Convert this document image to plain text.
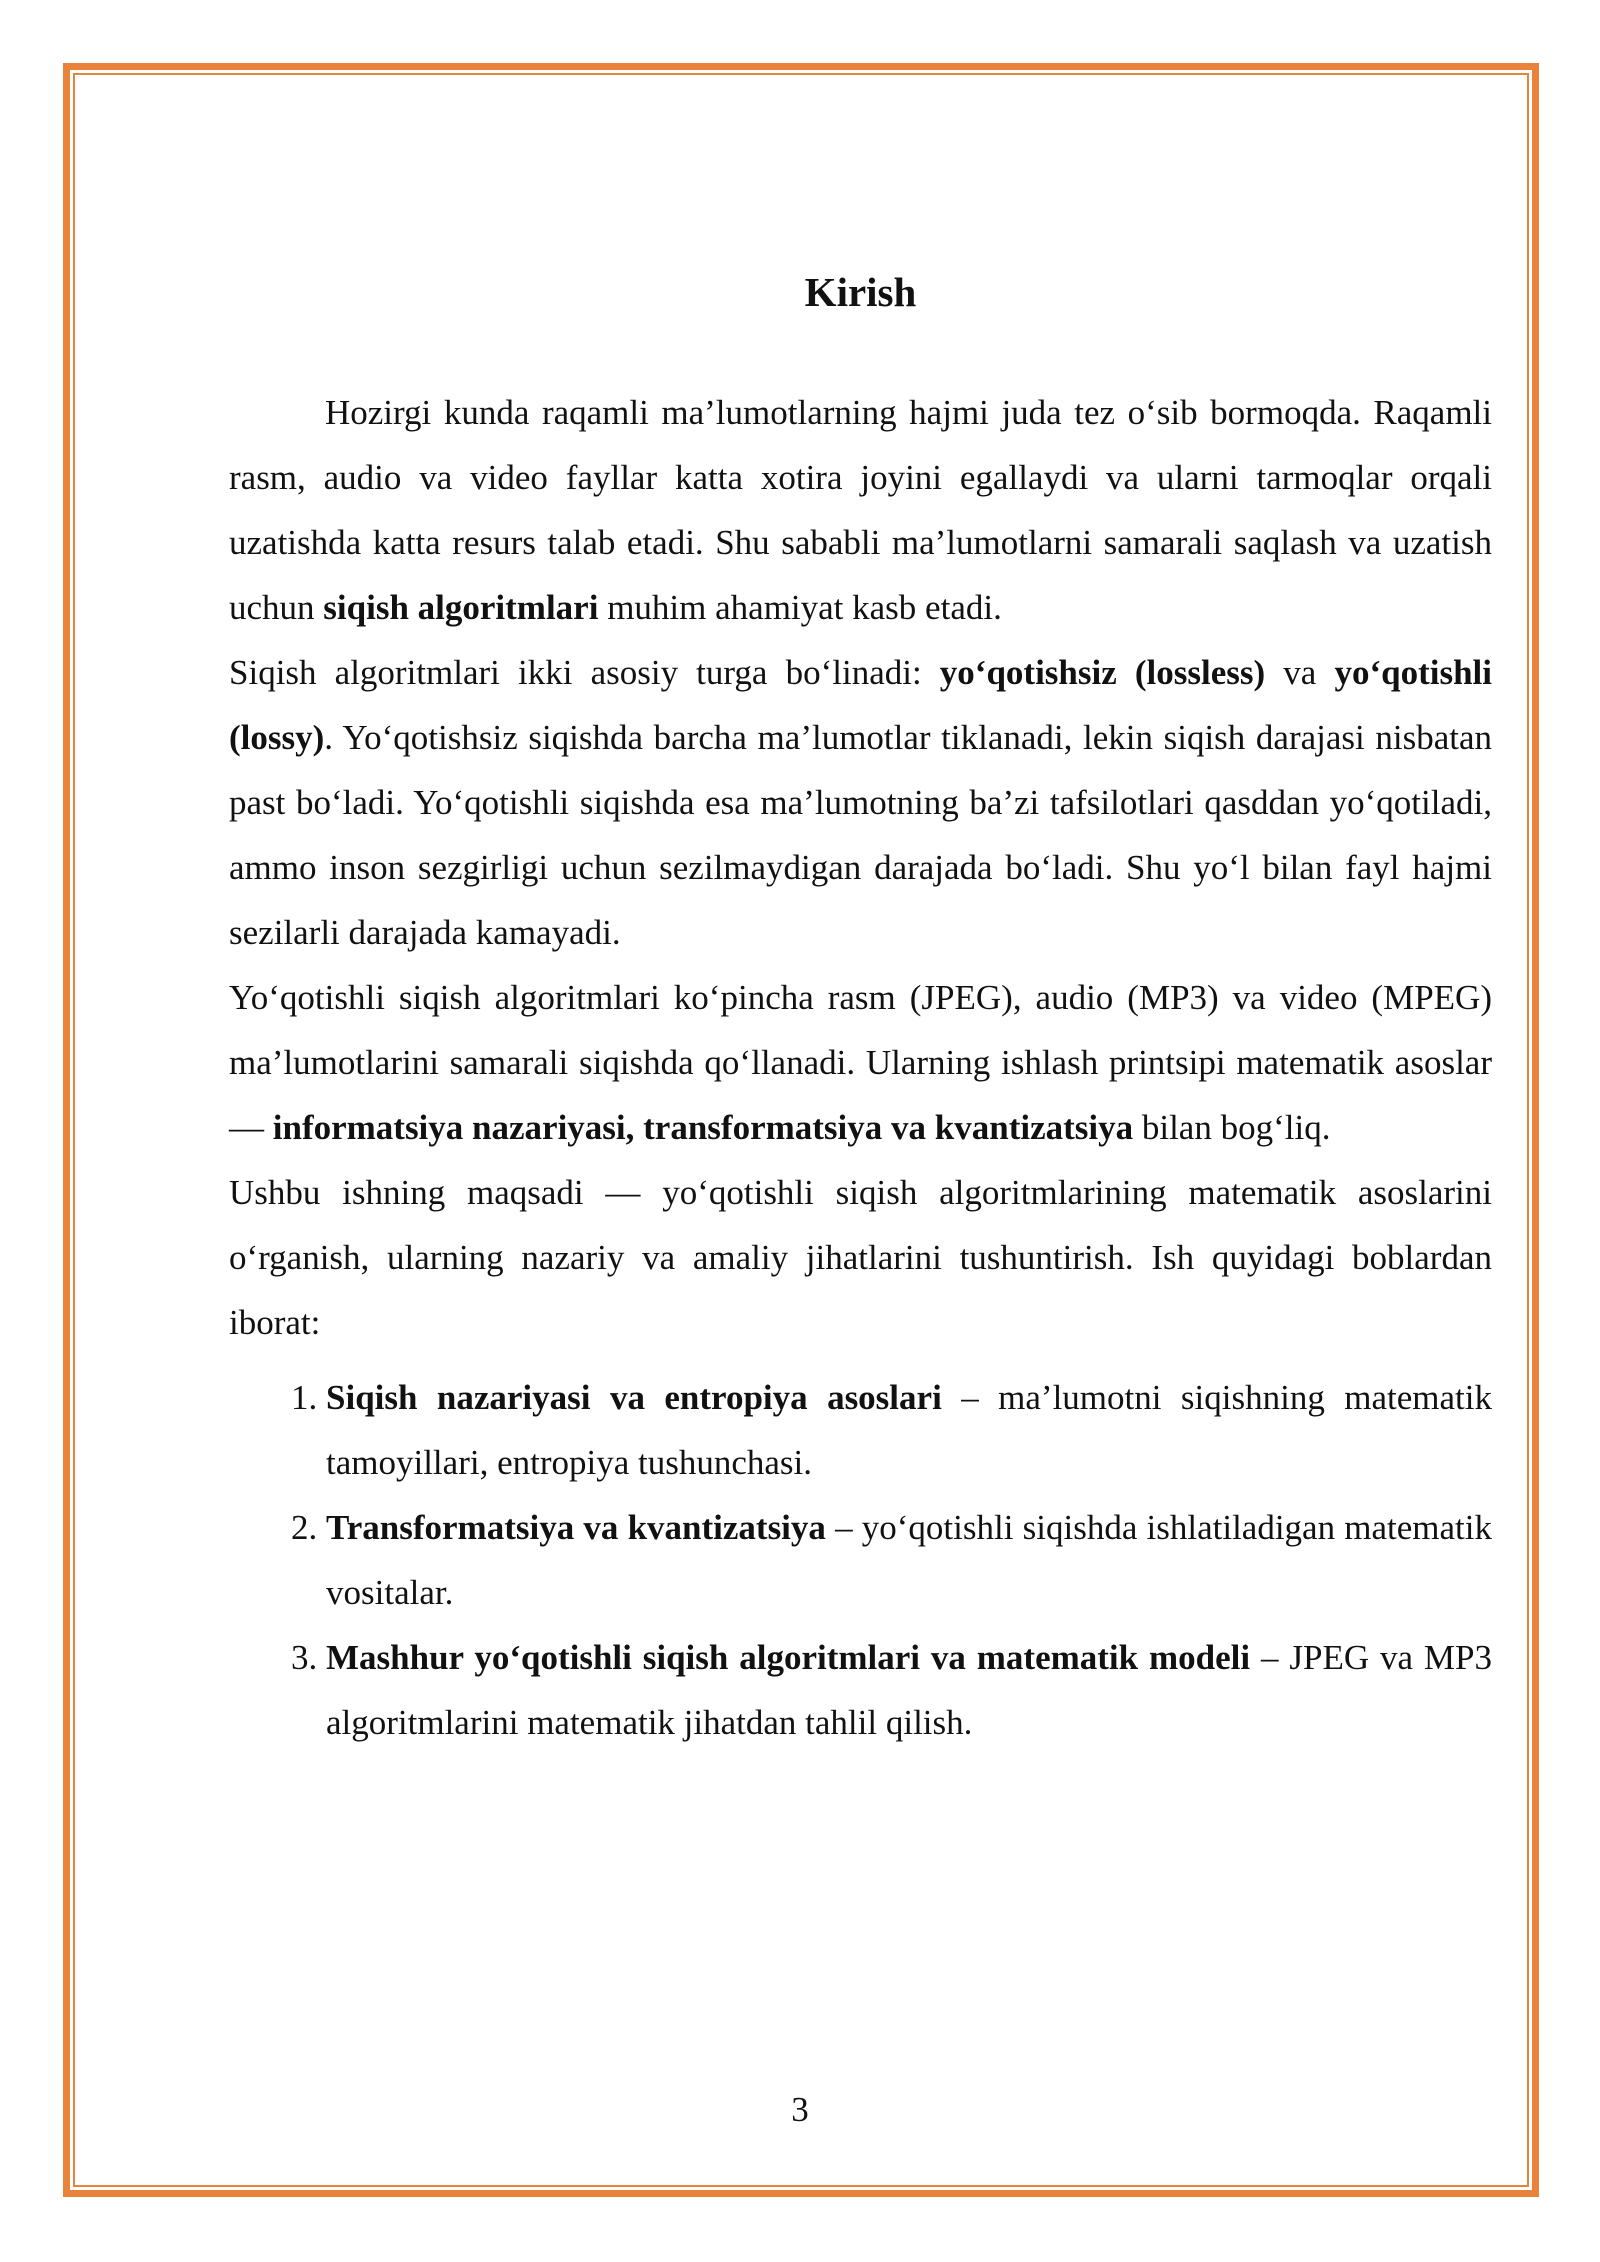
Kirish

Hozirgi kunda raqamli ma’lumotlarning hajmi juda tez o‘sib bormoqda. Raqamli rasm, audio va video fayllar katta xotira joyini egallaydi va ularni tarmoqlar orqali uzatishda katta resurs talab etadi. Shu sababli ma’lumotlarni samarali saqlash va uzatish uchun siqish algoritmlari muhim ahamiyat kasb etadi.

Siqish algoritmlari ikki asosiy turga bo‘linadi: yo‘qotishsiz (lossless) va yo‘qotishli (lossy). Yo‘qotishsiz siqishda barcha ma’lumotlar tiklanadi, lekin siqish darajasi nisbatan past bo‘ladi. Yo‘qotishli siqishda esa ma’lumotning ba’zi tafsilotlari qasddan yo‘qotiladi, ammo inson sezgirligi uchun sezilmaydigan darajada bo‘ladi. Shu yo‘l bilan fayl hajmi sezilarli darajada kamayadi.

Yo‘qotishli siqish algoritmlari ko‘pincha rasm (JPEG), audio (MP3) va video (MPEG) ma’lumotlarini samarali siqishda qo‘llanadi. Ularning ishlash printsipi matematik asoslar — informatsiya nazariyasi, transformatsiya va kvantizatsiya bilan bog‘liq.

Ushbu ishning maqsadi — yo‘qotishli siqish algoritmlarining matematik asoslarini o‘rganish, ularning nazariy va amaliy jihatlarini tushuntirish. Ish quyidagi boblardan iborat:

1. Siqish nazariyasi va entropiya asoslari – ma’lumotni siqishning matematik tamoyillari, entropiya tushunchasi.
2. Transformatsiya va kvantizatsiya – yo‘qotishli siqishda ishlatiladigan matematik vositalar.
3. Mashhur yo‘qotishli siqish algoritmlari va matematik modeli – JPEG va MP3 algoritmlarini matematik jihatdan tahlil qilish.
3
